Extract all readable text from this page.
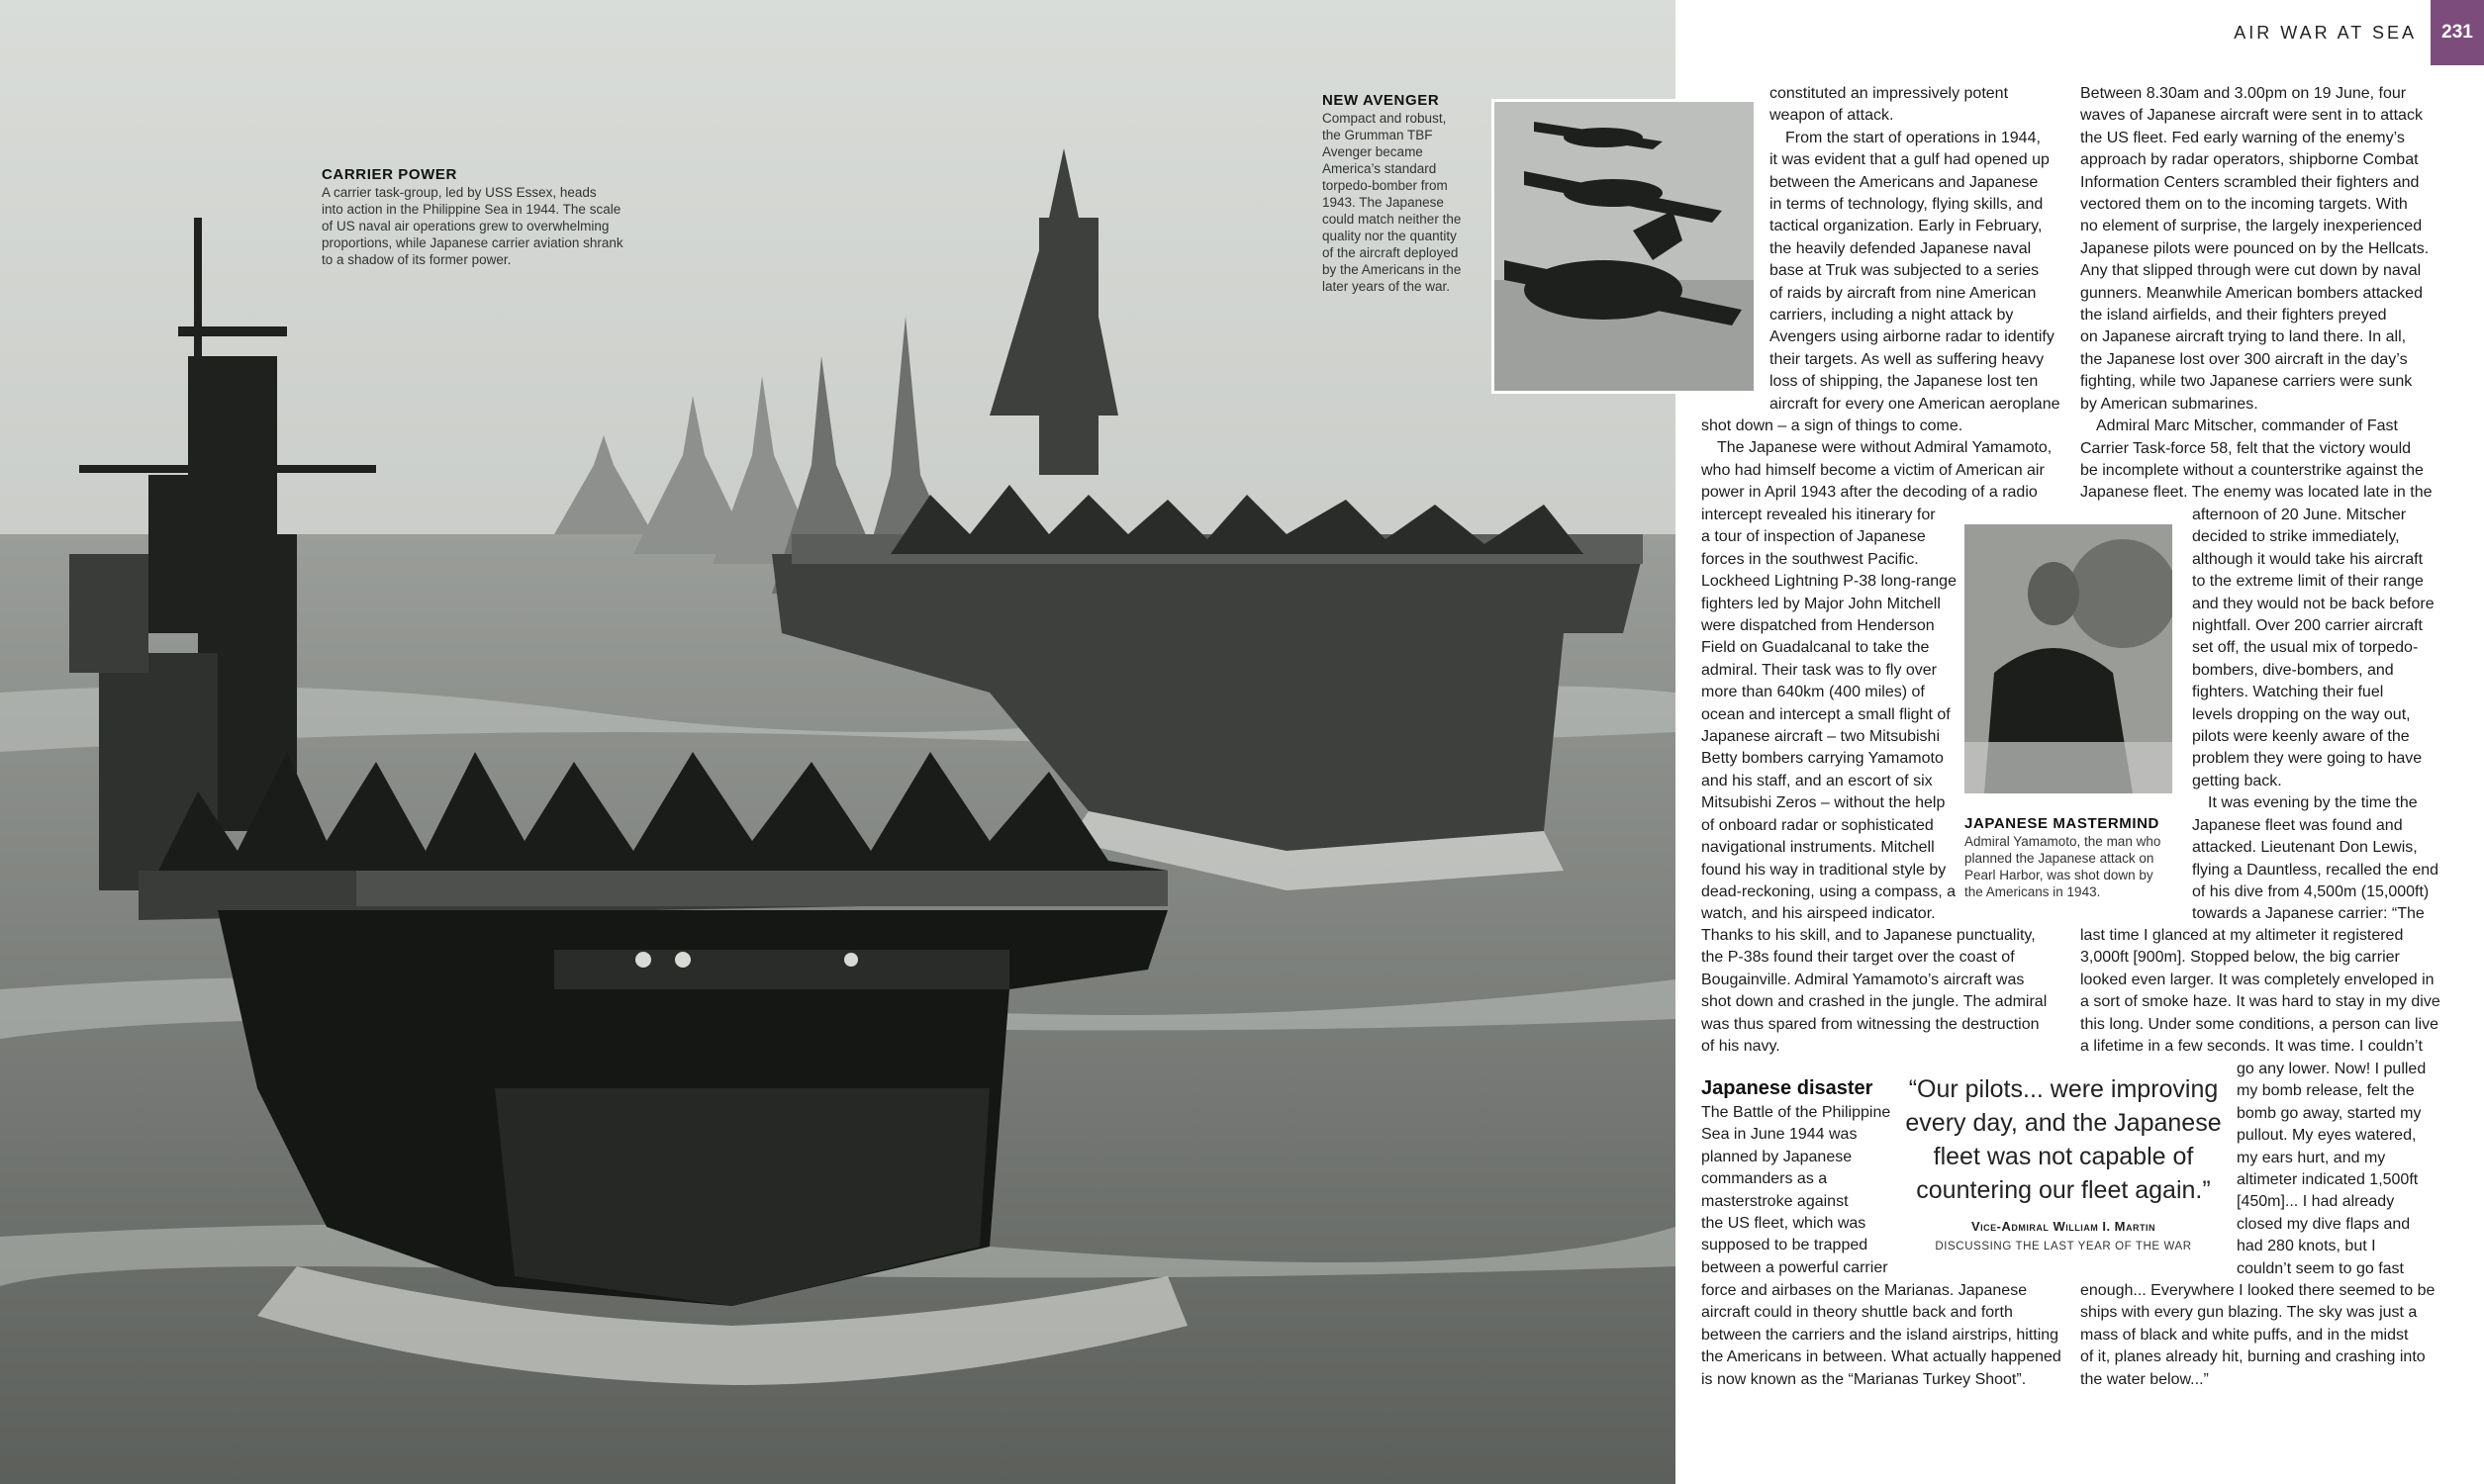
AIR WAR AT SEA	231
CARRIER POWER
A carrier task-group, led by USS Essex, heads
into action in the Philippine Sea in 1944. The scale
of US naval air operations grew to overwhelming
proportions, while Japanese carrier aviation shrank
to a shadow of its former power.
NEW AVENGER
Compact and robust,
the Grumman TBF
Avenger became
America’s standard
torpedo-bomber from
1943. The Japanese
could match neither the
quality nor the quantity
of the aircraft deployed
by the Americans in the
later years of the war.
JAPANESE MASTERMIND
Admiral Yamamoto, the man who
planned the Japanese attack on
Pearl Harbor, was shot down by
the Americans in 1943.
constituted an impressively potent
weapon of attack.
From the start of operations in 1944,
it was evident that a gulf had opened up
between the Americans and Japanese
in terms of technology, flying skills, and
tactical organization. Early in February,
the heavily defended Japanese naval
base at Truk was subjected to a series
of raids by aircraft from nine American
carriers, including a night attack by
Avengers using airborne radar to identify
their targets. As well as suffering heavy
loss of shipping, the Japanese lost ten
aircraft for every one American aeroplane
shot down – a sign of things to come.
The Japanese were without Admiral Yamamoto,
who had himself become a victim of American air
power in April 1943 after the decoding of a radio
intercept revealed his itinerary for
a tour of inspection of Japanese
forces in the southwest Pacific.
Lockheed Lightning P-38 long-range
fighters led by Major John Mitchell
were dispatched from Henderson
Field on Guadalcanal to take the
admiral. Their task was to fly over
more than 640km (400 miles) of
ocean and intercept a small flight of
Japanese aircraft – two Mitsubishi
Betty bombers carrying Yamamoto
and his staff, and an escort of six
Mitsubishi Zeros – without the help
of onboard radar or sophisticated
navigational instruments. Mitchell
found his way in traditional style by
dead-reckoning, using a compass, a
watch, and his airspeed indicator.
Thanks to his skill, and to Japanese punctuality,
the P-38s found their target over the coast of
Bougainville. Admiral Yamamoto’s aircraft was
shot down and crashed in the jungle. The admiral
was thus spared from witnessing the destruction
of his navy.
Japanese disaster
The Battle of the Philippine
Sea in June 1944 was
planned by Japanese
commanders as a
masterstroke against
the US fleet, which was
supposed to be trapped
between a powerful carrier
force and airbases on the Marianas. Japanese
aircraft could in theory shuttle back and forth
between the carriers and the island airstrips, hitting
the Americans in between. What actually happened
is now known as the “Marianas Turkey Shoot”.
Between 8.30am and 3.00pm on 19 June, four
waves of Japanese aircraft were sent in to attack
the US fleet. Fed early warning of the enemy’s
approach by radar operators, shipborne Combat
Information Centers scrambled their fighters and
vectored them on to the incoming targets. With
no element of surprise, the largely inexperienced
Japanese pilots were pounced on by the Hellcats.
Any that slipped through were cut down by naval
gunners. Meanwhile American bombers attacked
the island airfields, and their fighters preyed
on Japanese aircraft trying to land there. In all,
the Japanese lost over 300 aircraft in the day’s
fighting, while two Japanese carriers were sunk
by American submarines.
Admiral Marc Mitscher, commander of Fast
Carrier Task-force 58, felt that the victory would
be incomplete without a counterstrike against the
Japanese fleet. The enemy was located late in the
afternoon of 20 June. Mitscher
decided to strike immediately,
although it would take his aircraft
to the extreme limit of their range
and they would not be back before
nightfall. Over 200 carrier aircraft
set off, the usual mix of torpedo-
bombers, dive-bombers, and
fighters. Watching their fuel
levels dropping on the way out,
pilots were keenly aware of the
problem they were going to have
getting back.
It was evening by the time the
Japanese fleet was found and
attacked. Lieutenant Don Lewis,
flying a Dauntless, recalled the end
of his dive from 4,500m (15,000ft)
towards a Japanese carrier: “The
last time I glanced at my altimeter it registered
3,000ft [900m]. Stopped below, the big carrier
looked even larger. It was completely enveloped in
a sort of smoke haze. It was hard to stay in my dive
this long. Under some conditions, a person can live
a lifetime in a few seconds. It was time. I couldn’t
go any lower. Now! I pulled
my bomb release, felt the
bomb go away, started my
pullout. My eyes watered,
my ears hurt, and my
altimeter indicated 1,500ft
[450m]... I had already
closed my dive flaps and
had 280 knots, but I
couldn’t seem to go fast
enough... Everywhere I looked there seemed to be
ships with every gun blazing. The sky was just a
mass of black and white puffs, and in the midst
of it, planes already hit, burning and crashing into
the water below...”
“Our pilots... were improving
every day, and the Japanese
fleet was not capable of
countering our fleet again.”
Vice-Admiral William I. Martin
DISCUSSING THE LAST YEAR OF THE WAR
